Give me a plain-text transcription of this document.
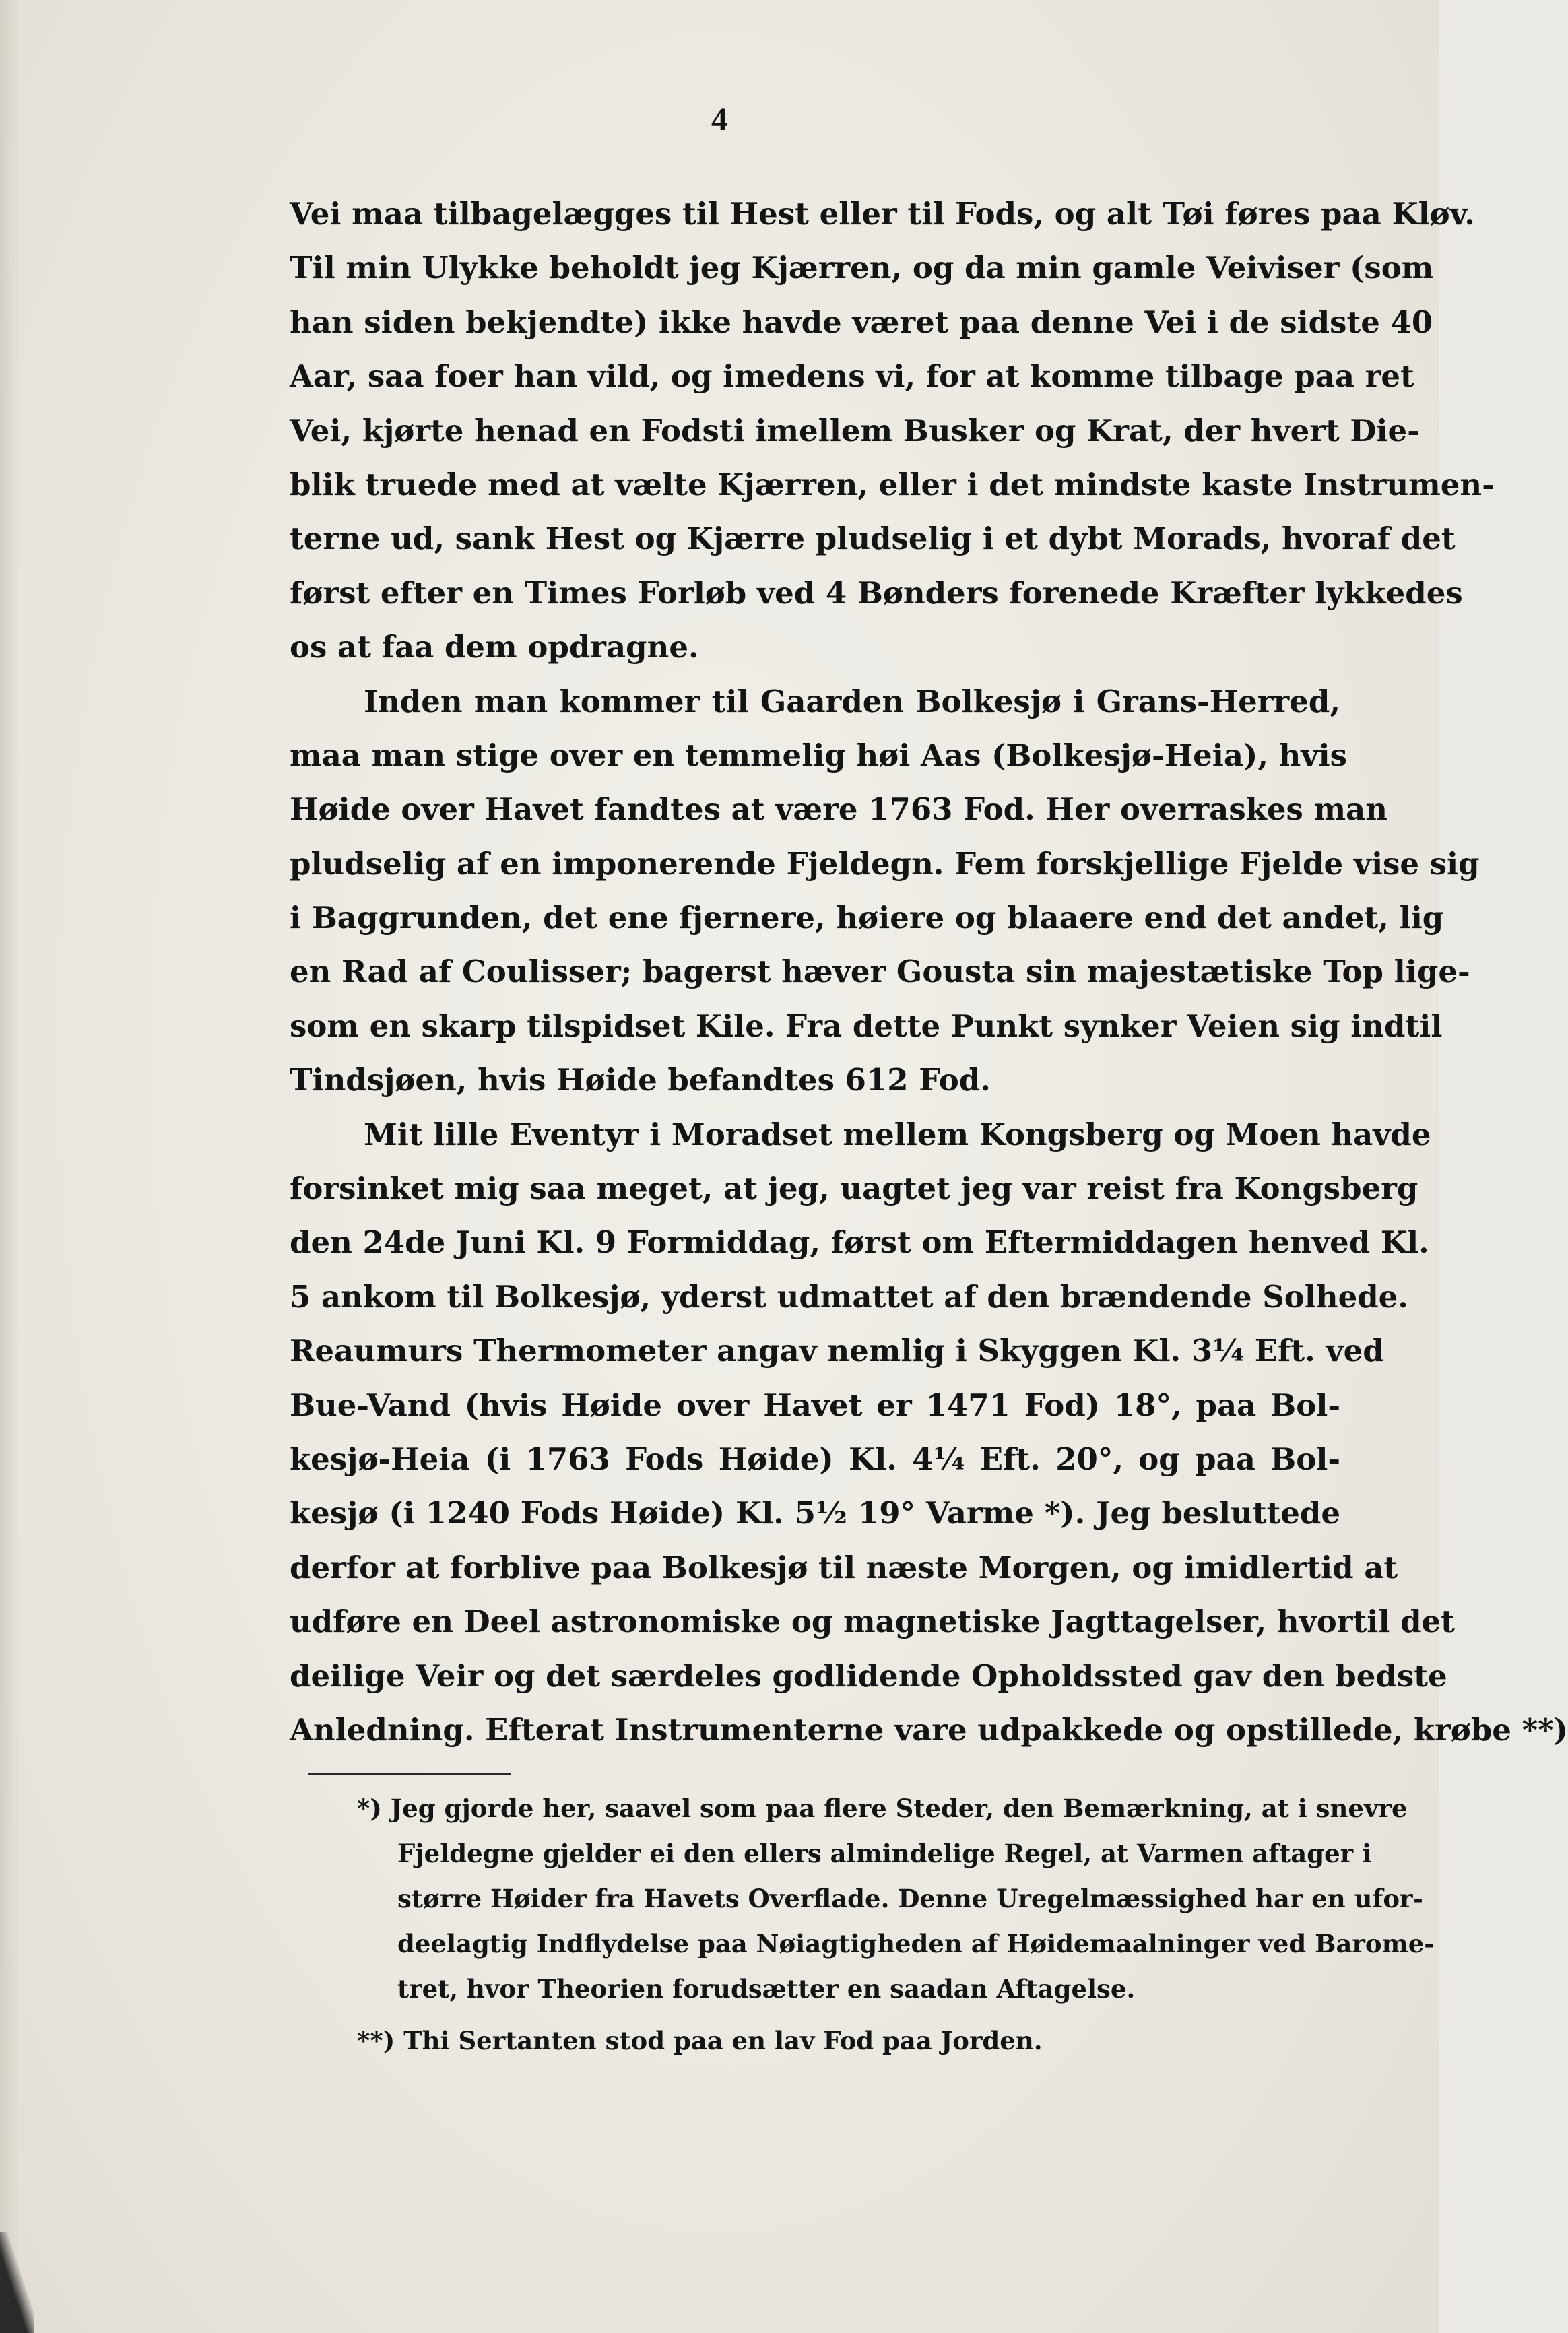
4
Vei maa tilbagelægges til Hest eller til Fods, og alt Tøi føres paa Kløv.
Til min Ulykke beholdt jeg Kjærren, og da min gamle Veiviser (som
han siden bekjendte) ikke havde været paa denne Vei i de sidste 40
Aar, saa foer han vild, og imedens vi, for at komme tilbage paa ret
Vei, kjørte henad en Fodsti imellem Busker og Krat, der hvert Die-
blik truede med at vælte Kjærren, eller i det mindste kaste Instrumen-
terne ud, sank Hest og Kjærre pludselig i et dybt Morads, hvoraf det
først efter en Times Forløb ved 4 Bønders forenede Kræfter lykkedes
os at faa dem opdragne.
Inden man kommer til Gaarden Bolkesjø i Grans-Herred,
maa man stige over en temmelig høi Aas (Bolkesjø-Heia), hvis
Høide over Havet fandtes at være 1763 Fod. Her overraskes man
pludselig af en imponerende Fjeldegn. Fem forskjellige Fjelde vise sig
i Baggrunden, det ene fjernere, høiere og blaaere end det andet, lig
en Rad af Coulisser; bagerst hæver Gousta sin majestætiske Top lige-
som en skarp tilspidset Kile. Fra dette Punkt synker Veien sig indtil
Tindsjøen, hvis Høide befandtes 612 Fod.
Mit lille Eventyr i Moradset mellem Kongsberg og Moen havde
forsinket mig saa meget, at jeg, uagtet jeg var reist fra Kongsberg
den 24de Juni Kl. 9 Formiddag, først om Eftermiddagen henved Kl.
5 ankom til Bolkesjø, yderst udmattet af den brændende Solhede.
Reaumurs Thermometer angav nemlig i Skyggen Kl. 3¼ Eft. ved
Bue-Vand (hvis Høide over Havet er 1471 Fod) 18°, paa Bol-
kesjø-Heia (i 1763 Fods Høide) Kl. 4¼ Eft. 20°, og paa Bol-
kesjø (i 1240 Fods Høide) Kl. 5½ 19° Varme *). Jeg besluttede
derfor at forblive paa Bolkesjø til næste Morgen, og imidlertid at
udføre en Deel astronomiske og magnetiske Jagttagelser, hvortil det
deilige Veir og det særdeles godlidende Opholdssted gav den bedste
Anledning. Efterat Instrumenterne vare udpakkede og opstillede, krøbe **)
*) Jeg gjorde her, saavel som paa flere Steder, den Bemærkning, at i snevre
Fjeldegne gjelder ei den ellers almindelige Regel, at Varmen aftager i
større Høider fra Havets Overflade. Denne Uregelmæssighed har en ufor-
deelagtig Indflydelse paa Nøiagtigheden af Høidemaalninger ved Barome-
tret, hvor Theorien forudsætter en saadan Aftagelse.
**) Thi Sertanten stod paa en lav Fod paa Jorden.
